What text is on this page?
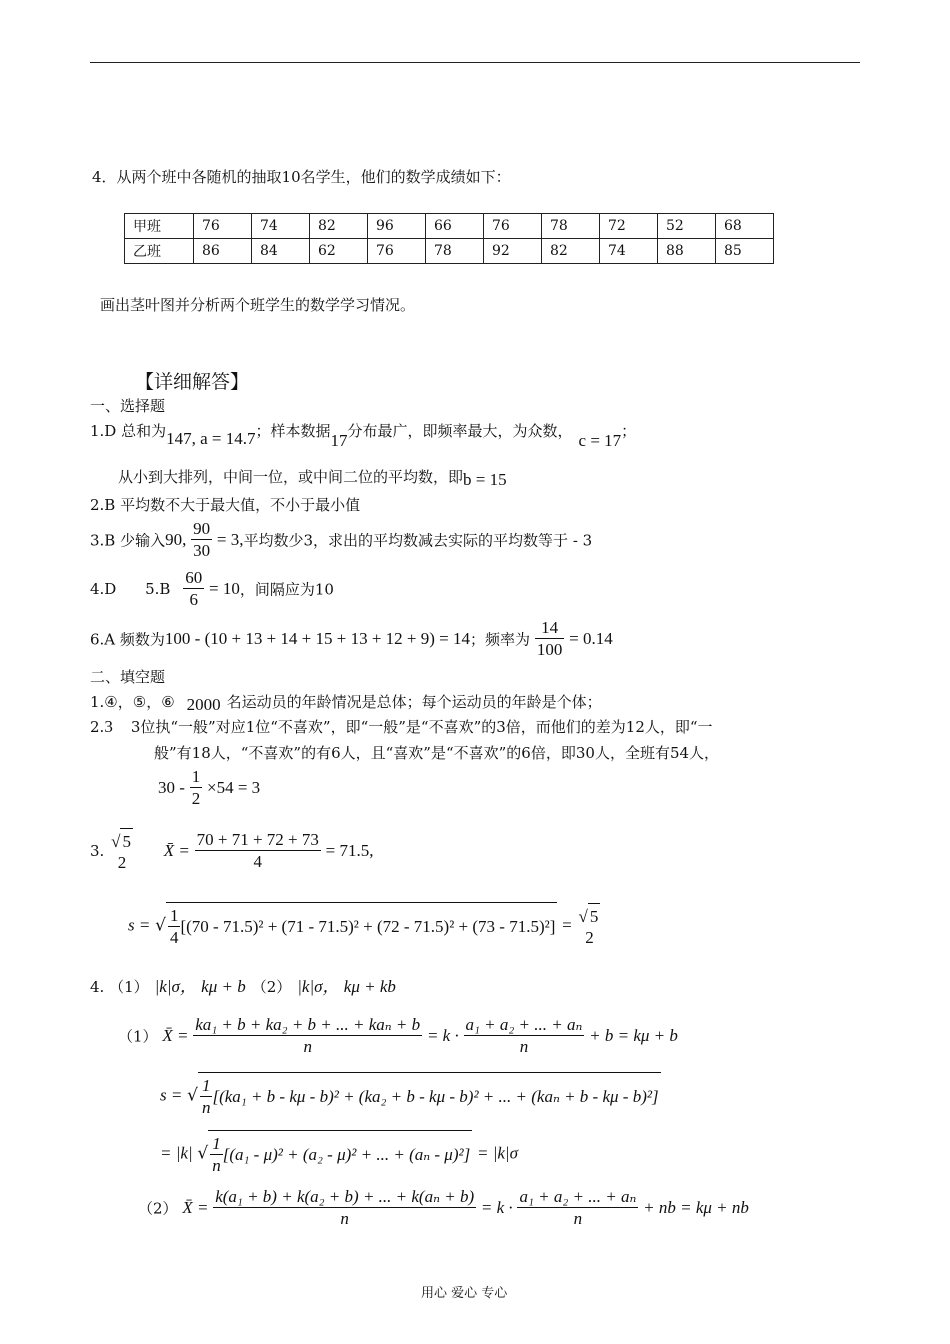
4．从两个班中各随机的抽取10名学生，他们的数学成绩如下：
甲班	76	74	82	96	66	76	78	72	52	68
乙班	86	84	62	76	78	92	82	74	88	85
画出茎叶图并分析两个班学生的数学学习情况。
【详细解答】
一、选择题
1.D 总和为147, a = 14.7；样本数据17分布最广，即频率最大，为众数， c = 17；
从小到大排列，中间一位，或中间二位的平均数，即b = 15
2.B 平均数不大于最大值，不小于最小值
3.B 少输入90, $\frac{90}{30} = 3$,平均数少3，求出的平均数减去实际的平均数等于 - 3
4.D $5.B \frac{60}{6} = 10$，间隔应为10
6.A 频数为100 - (10 + 13 + 14 + 15 + 13 + 12 + 9) = 14；频率为 $\frac{14}{100} = 0.14$
二、填空题
1.④，⑤，⑥ 2000 名运动员的年龄情况是总体；每个运动员的年龄是个体；
2.3 3位执“一般”对应1位“不喜欢”，即“一般”是“不喜欢”的3倍，而他们的差为12人，即“一
般”有18人，“不喜欢”的有6人，且“喜欢”是“不喜欢”的6倍，即30人，全班有54人，
$30 - \frac{1}{2} \times 54 = 3$
3. √ 5
2
X̄ = $\frac{70 + 71 + 72 + 73}{4} = 71.5$,
s = √ $\frac{1}{4} [(70 - 71.5)^2 + (71 - 71.5)^2 + (72 - 71.5)^2 + (73 - 71.5)^2]$ = √ 5
2
4. （1） |k|σ， kμ + b （2） |k|σ， kμ + kb
（1） X̄ = $\frac{\text{ka₁ + b + ka₂ + b + ... + kaₙ + b}}{n} = k \cdot \frac{\text{a₁ + a₂ + ... + aₙ}}{n} + b = k\mu + b$
s = √ $\frac{1}{n} [(ka_1 + b - k\mu - b)^2 + (ka_2 + b - k\mu - b)^2$ + ... + (kaₙ + b - kμ - b)²]
= |k| √ $\frac{1}{n} [(a_1 - \mu)^2 + (a_2 - \mu)^2$ + ... + (aₙ - μ)²] = |k|σ
（2） X̄ = $\frac{\text{k(a₁ + b) + k(a₂ + b) + ... + k(aₙ + b)}}{n} = k \cdot \frac{\text{a₁ + a₂ + ... + aₙ}}{n}$ + nb = kμ + nb
用心 爱心 专心
